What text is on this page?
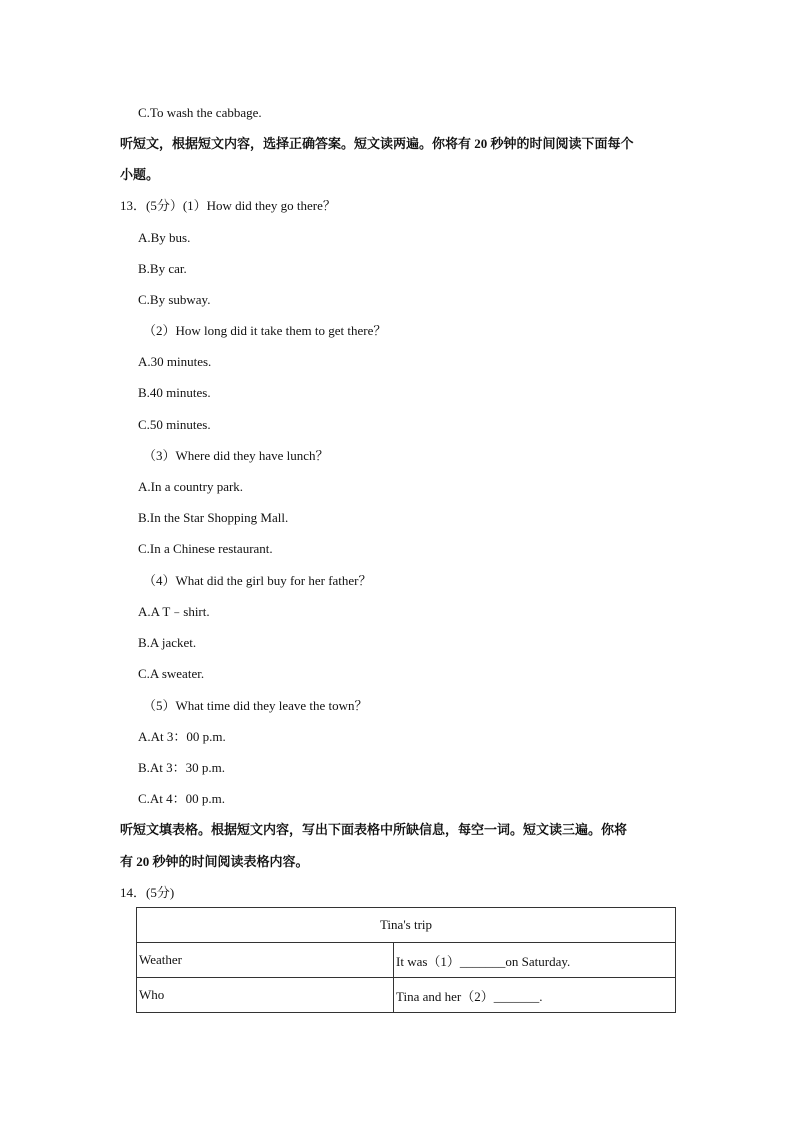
C.To wash the cabbage.
听短文，根据短文内容，选择正确答案。短文读两遍。你将有 20 秒钟的时间阅读下面每个
小题。
13．(5分）(1）How did they go there？
A.By bus.
B.By car.
C.By subway.
（2）How long did it take them to get there？
A.30 minutes.
B.40 minutes.
C.50 minutes.
（3）Where did they have lunch？
A.In a country park.
B.In the Star Shopping Mall.
C.In a Chinese restaurant.
（4）What did the girl buy for her father？
A.A T﹣shirt.
B.A jacket.
C.A sweater.
（5）What time did they leave the town？
A.At 3：00 p.m.
B.At 3：30 p.m.
C.At 4：00 p.m.
听短文填表格。根据短文内容，写出下面表格中所缺信息，每空一词。短文读三遍。你将
有 20 秒钟的时间阅读表格内容。
14．(5分)
Tina's trip	
Weather	It was（1）_______on Saturday.
Who	Tina and her（2）_______.
